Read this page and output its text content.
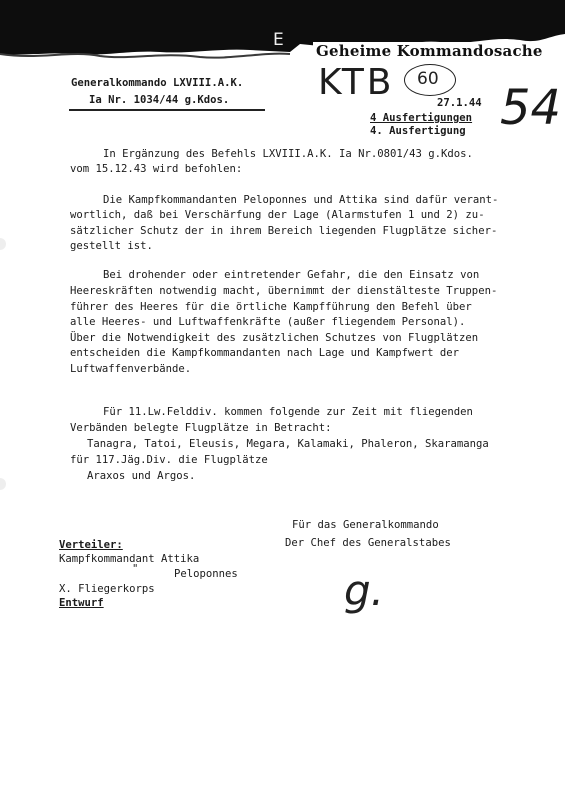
E
Geheime Kommandosache
Generalkommando LXVIII.A.K.
Ia Nr. 1034/44 g.Kdos. KTB 60
54
27.1.44
4 Ausfertigungen
4. Ausfertigung
In Ergänzung des Befehls LXVIII.A.K. Ia Nr.0801/43 g.Kdos.
vom 15.12.43 wird befohlen:
Die Kampfkommandanten Peloponnes und Attika sind dafür verant-
wortlich, daß bei Verschärfung der Lage (Alarmstufen 1 und 2) zu-
sätzlicher Schutz der in ihrem Bereich liegenden Flugplätze sicher-
gestellt ist.
Bei drohender oder eintretender Gefahr, die den Einsatz von
Heereskräften notwendig macht, übernimmt der dienstälteste Truppen-
führer des Heeres für die örtliche Kampfführung den Befehl über
alle Heeres- und Luftwaffenkräfte (außer fliegendem Personal).
Über die Notwendigkeit des zusätzlichen Schutzes von Flugplätzen
entscheiden die Kampfkommandanten nach Lage und Kampfwert der
Luftwaffenverbände.
Für 11.Lw.Felddiv. kommen folgende zur Zeit mit fliegenden
Verbänden belegte Flugplätze in Betracht:
Tanagra, Tatoi, Eleusis, Megara, Kalamaki, Phaleron, Skaramanga
für 117.Jäg.Div. die Flugplätze
Araxos und Argos.
Für das Generalkommando
Der Chef des Generalstabes
g.
Verteiler:
Kampfkommandant Attika
"	Peloponnes
X. Fliegerkorps
Entwurf
